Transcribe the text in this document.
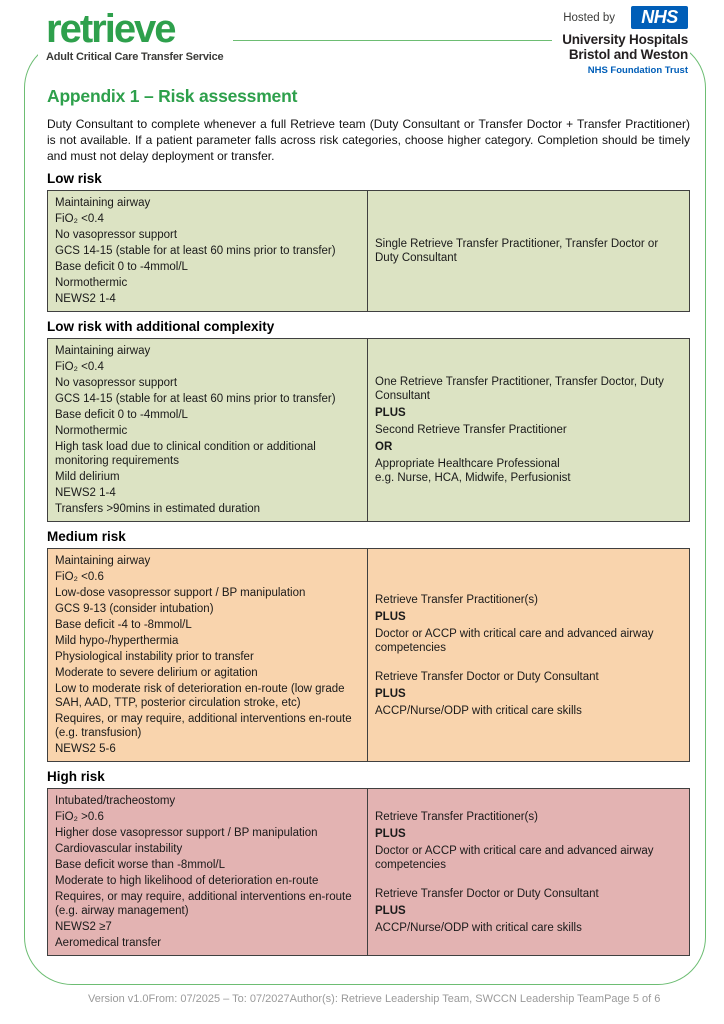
retrieve
Adult Critical Care Transfer Service
Hosted by	NHS
University Hospitals
Bristol and Weston
NHS Foundation Trust
Appendix 1 – Risk assessment

Duty Consultant to complete whenever a full Retrieve team (Duty Consultant or Transfer Doctor + Transfer Practitioner) is not available. If a patient parameter falls across risk categories, choose higher category. Completion should be timely and must not delay deployment or transfer.

Low risk
Maintaining airway
FiO₂ <0.4
No vasopressor support
GCS 14-15 (stable for at least 60 mins prior to transfer)
Base deficit 0 to -4mmol/L
Normothermic
NEWS2 1-4
Single Retrieve Transfer Practitioner, Transfer Doctor or Duty Consultant
Low risk with additional complexity
Maintaining airway
FiO₂ <0.4
No vasopressor support
GCS 14-15 (stable for at least 60 mins prior to transfer)
Base deficit 0 to -4mmol/L
Normothermic
High task load due to clinical condition or additional monitoring requirements
Mild delirium
NEWS2 1-4
Transfers >90mins in estimated duration
One Retrieve Transfer Practitioner, Transfer Doctor, Duty Consultant
PLUS
Second Retrieve Transfer Practitioner
OR
Appropriate Healthcare Professional
e.g. Nurse, HCA, Midwife, Perfusionist
Medium risk
Maintaining airway
FiO₂ <0.6
Low-dose vasopressor support / BP manipulation
GCS 9-13 (consider intubation)
Base deficit -4 to -8mmol/L
Mild hypo-/hyperthermia
Physiological instability prior to transfer
Moderate to severe delirium or agitation
Low to moderate risk of deterioration en-route (low grade SAH, AAD, TTP, posterior circulation stroke, etc)
Requires, or may require, additional interventions en-route (e.g. transfusion)
NEWS2 5-6
Retrieve Transfer Practitioner(s)
PLUS
Doctor or ACCP with critical care and advanced airway competencies
Retrieve Transfer Doctor or Duty Consultant
PLUS
ACCP/Nurse/ODP with critical care skills
High risk
Intubated/tracheostomy
FiO₂ >0.6
Higher dose vasopressor support / BP manipulation
Cardiovascular instability
Base deficit worse than -8mmol/L
Moderate to high likelihood of deterioration en-route
Requires, or may require, additional interventions en-route (e.g. airway management)
NEWS2 ≥7
Aeromedical transfer
Retrieve Transfer Practitioner(s)
PLUS
Doctor or ACCP with critical care and advanced airway competencies
Retrieve Transfer Doctor or Duty Consultant
PLUS
ACCP/Nurse/ODP with critical care skills
Version v1.0 From: 07/2025 – To: 07/2027 Author(s): Retrieve Leadership Team, SWCCN Leadership Team Page 5 of 6
